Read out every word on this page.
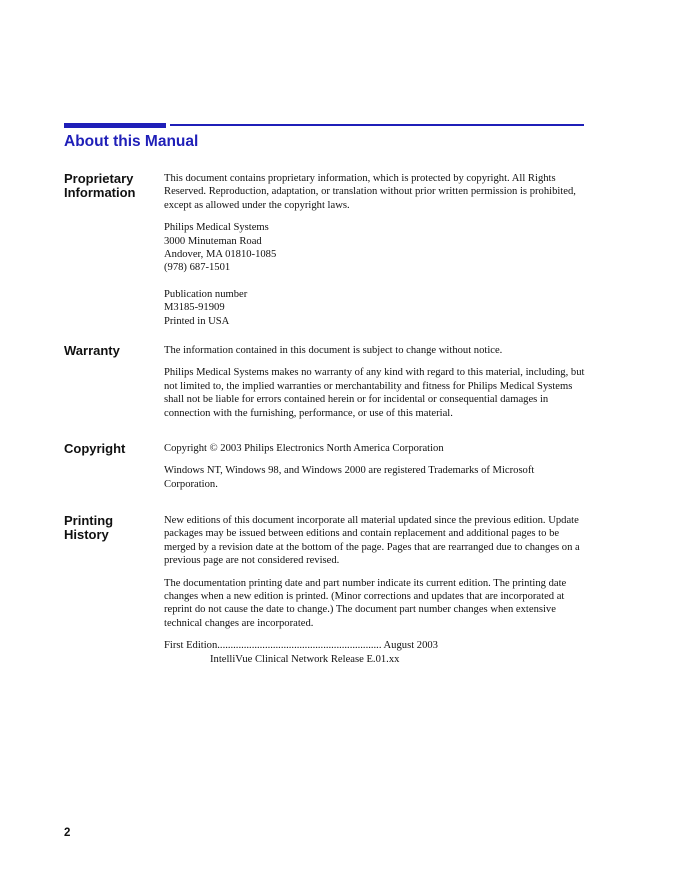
About this Manual
Proprietary
Information

This document contains proprietary information, which is protected by copyright. All Rights Reserved. Reproduction, adaptation, or translation without prior written permission is prohibited, except as allowed under the copyright laws.

Philips Medical Systems
3000 Minuteman Road
Andover, MA 01810-1085
(978) 687-1501

Publication number
M3185-91909
Printed in USA

Warranty	The information contained in this document is subject to change without notice.

Philips Medical Systems makes no warranty of any kind with regard to this material, including, but not limited to, the implied warranties or merchantability and fitness for Philips Medical Systems shall not be liable for errors contained herein or for incidental or consequential damages in connection with the furnishing, performance, or use of this material.

Copyright	Copyright © 2003 Philips Electronics North America Corporation

Windows NT, Windows 98, and Windows 2000 are registered Trademarks of Microsoft Corporation.

Printing
History

New editions of this document incorporate all material updated since the previous edition. Update packages may be issued between editions and contain replacement and additional pages to be merged by a revision date at the bottom of the page. Pages that are rearranged due to changes on a previous page are not considered revised.

The documentation printing date and part number indicate its current edition. The printing date changes when a new edition is printed. (Minor corrections and updates that are incorporated at reprint do not cause the date to change.) The document part number changes when extensive technical changes are incorporated.

First Edition.............................................................. August 2003

IntelliVue Clinical Network Release E.01.xx

2
